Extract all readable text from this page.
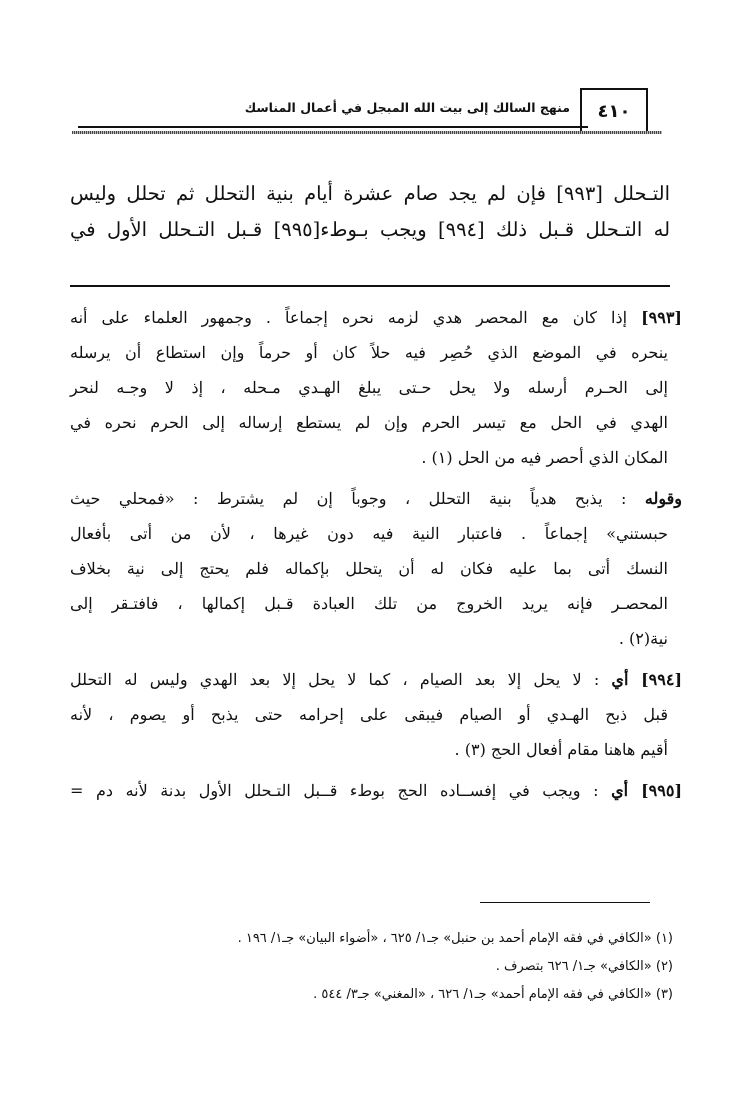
منهج السالك إلى بيت الله المبجل في أعمال المناسك	٤١٠

التـحلل [٩٩٣] فإن لم يجد صام عشرة أيام بنية التحلل ثم تحلل وليس

له التـحلل قـبل ذلك [٩٩٤] ويجب بـوطء[٩٩٥] قـبل التـحلل الأول في

[٩٩٣] إذا كان مع المحصر هدي لزمه نحره إجماعاً . وجمهور العلماء على أنه
ينحره في الموضع الذي حُصِر فيه حلاً كان أو حرماً وإن استطاع أن يرسله
إلى الحـرم أرسله ولا يحل حـتى يبلغ الهـدي مـحله ، إذ لا وجـه لنحر
الهدي في الحل مع تيسر الحرم وإن لم يستطع إرساله إلى الحرم نحره في
المكان الذي أحصر فيه من الحل (١) .
وقوله : يذبح هدياً بنية التحلل ، وجوباً إن لم يشترط : «فمحلي حيث
حبستني» إجماعاً . فاعتبار النية فيه دون غيرها ، لأن من أتى بأفعال
النسك أتى بما عليه فكان له أن يتحلل بإكماله فلم يحتج إلى نية بخلاف
المحصـر فإنه يريد الخروج من تلك العبادة قـبل إكمالها ، فافتـقر إلى
نية(٢) .
[٩٩٤] أي : لا يحل إلا بعد الصيام ، كما لا يحل إلا بعد الهدي وليس له التحلل
قبل ذبح الهـدي أو الصيام فيبقى على إحرامه حتى يذبح أو يصوم ، لأنه
أقيم هاهنا مقام أفعال الحج (٣) .
[٩٩٥] أي : ويجب في إفســاده الحج بوطء قــبل التـحلل الأول بدنة لأنه دم =
(١) «الكافي في فقه الإمام أحمد بن حنبل» جـ١/ ٦٢٥ ، «أضواء البيان» جـ١/ ١٩٦ .
(٢) «الكافي» جـ١/ ٦٢٦ بتصرف .
(٣) «الكافي في فقه الإمام أحمد» جـ١/ ٦٢٦ ، «المغني» جـ٣/ ٥٤٤ .
